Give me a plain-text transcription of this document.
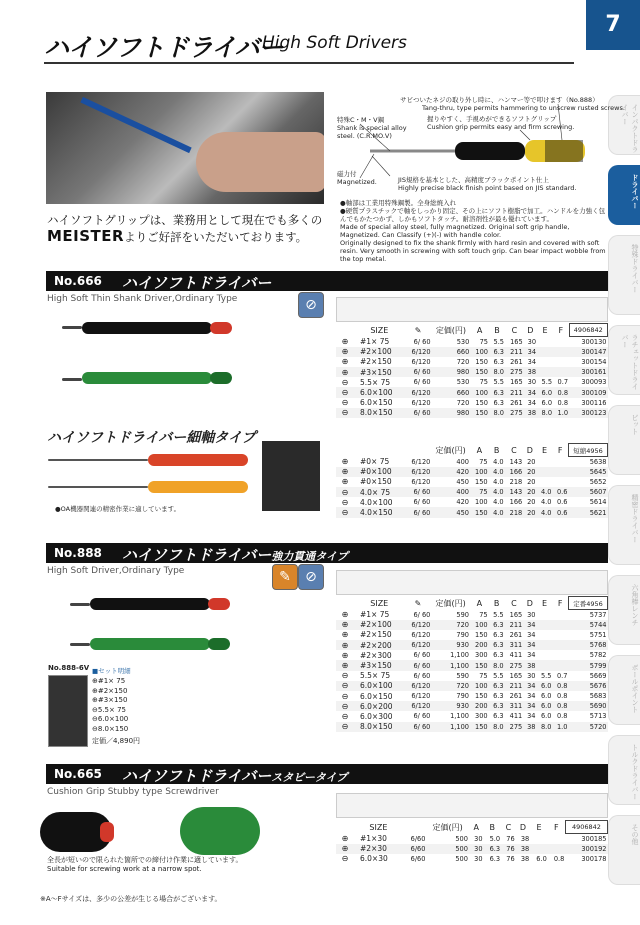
ハイソフトドライバー
High Soft Drivers
7
インパクトドライバー
ドライバー
特殊ドライバー
ラチェットドライバー
ビット
精密ドライバー
六角棒レンチ
ボールポイント
トルクドライバー
その他
サビついたネジの取り外し時に、ハンマー等で叩けます（No.888）
Tang-thru, type permits hammering to unscrew rusted screws.
握りやすく、手視めができるソフトグリップ
Cushion grip permits easy and firm screwing.
特殊C・M・V鋼
Shank is special alloy steel. (C.R.MO.V)
磁力付
Magnetized.	JIS規格を基本とした、高精度ブラックポイント仕上
Highly precise black finish point based on JIS standard.
ハイソフトグリップは、業務用として現在でも多くの
MEISTERよりご好評をいただいております。
●軸部は工業用特殊鋼製。全身総焼入れ
●硬質プラスチックで軸をしっかり固定、その上にソフト樹脂で加工。ハンドルを力強く包んでもかたつかず、しかもソフトタッチ。耐溶剤性が最も優れています。
Made of special alloy steel, fully magnetized. Original soft grip handle, Magnetized. Can Classify (+)(-) with handle color.
Originally designed to fix the shank firmly with hard resin and covered with soft resin. Very smooth in screwing with soft touch grip. Can bear impact wobble from the top metal.
No.666 ハイソフトドライバー
High Soft Thin Shank Driver,Ordinary Type	⊘
	SIZE	✎	定価(円)	A	B	C	D	E	F	4906842
⊕	#1× 75	6/ 60	530	75	5.5	165	30			300130
⊕	#2×100	6/120	660	100	6.3	211	34			300147
⊕	#2×150	6/120	720	150	6.3	261	34			300154
⊕	#3×150	6/ 60	980	150	8.0	275	38			300161
⊖	5.5× 75	6/ 60	530	75	5.5	165	30	5.5	0.7	300093
⊖	6.0×100	6/120	660	100	6.3	211	34	6.0	0.8	300109
⊖	6.0×150	6/120	720	150	6.3	261	34	6.0	0.8	300116
⊖	8.0×150	6/ 60	980	150	8.0	275	38	8.0	1.0	300123
ハイソフトドライバー細軸タイプ
●OA機器関連の精密作業に適しています。
			定価(円)	A	B	C	D	E	F	短縮4956
⊕	#0× 75	6/120	400	75	4.0	143	20			5638
⊕	#0×100	6/120	420	100	4.0	166	20			5645
⊕	#0×150	6/120	450	150	4.0	218	20			5652
⊖	4.0× 75	6/ 60	400	75	4.0	143	20	4.0	0.6	5607
⊖	4.0×100	6/ 60	420	100	4.0	166	20	4.0	0.6	5614
⊖	4.0×150	6/ 60	450	150	4.0	218	20	4.0	0.6	5621
No.888 ハイソフトドライバー強力貫通タイプ
High Soft Driver,Ordinary Type	✎	⊘
No.888-6V ■セット明細
⊕#1× 75
⊕#2×150
⊕#3×150
⊖5.5× 75
⊖6.0×100
⊖8.0×150
定価／4,890円
	SIZE	✎	定価(円)	A	B	C	D	E	F	定番4956
⊕	#1× 75	6/ 60	590	75	5.5	165	30			5737
⊕	#2×100	6/120	720	100	6.3	211	34			5744
⊕	#2×150	6/120	790	150	6.3	261	34			5751
⊕	#2×200	6/120	930	200	6.3	311	34			5768
⊕	#2×300	6/ 60	1,100	300	6.3	411	34			5782
⊕	#3×150	6/ 60	1,100	150	8.0	275	38			5799
⊖	5.5× 75	6/ 60	590	75	5.5	165	30	5.5	0.7	5669
⊖	6.0×100	6/120	720	100	6.3	211	34	6.0	0.8	5676
⊖	6.0×150	6/120	790	150	6.3	261	34	6.0	0.8	5683
⊖	6.0×200	6/120	930	200	6.3	311	34	6.0	0.8	5690
⊖	6.0×300	6/ 60	1,100	300	6.3	411	34	6.0	0.8	5713
⊖	8.0×150	6/ 60	1,100	150	8.0	275	38	8.0	1.0	5720
No.665 ハイソフトドライバースタビータイプ
Cushion Grip Stubby type Screwdriver
	SIZE		定価(円)	A	B	C	D	E	F	4906842
⊕	#1×30	6/60	500	30	5.0	76	38			300185
⊕	#2×30	6/60	500	30	6.3	76	38			300192
⊖	6.0×30	6/60	500	30	6.3	76	38	6.0	0.8	300178
全長が短いので限られた箇所での締付け作業に適しています。
Suitable for screwing work at a narrow spot.
※A～Fサイズは、多少の公差が生じる場合がございます。
